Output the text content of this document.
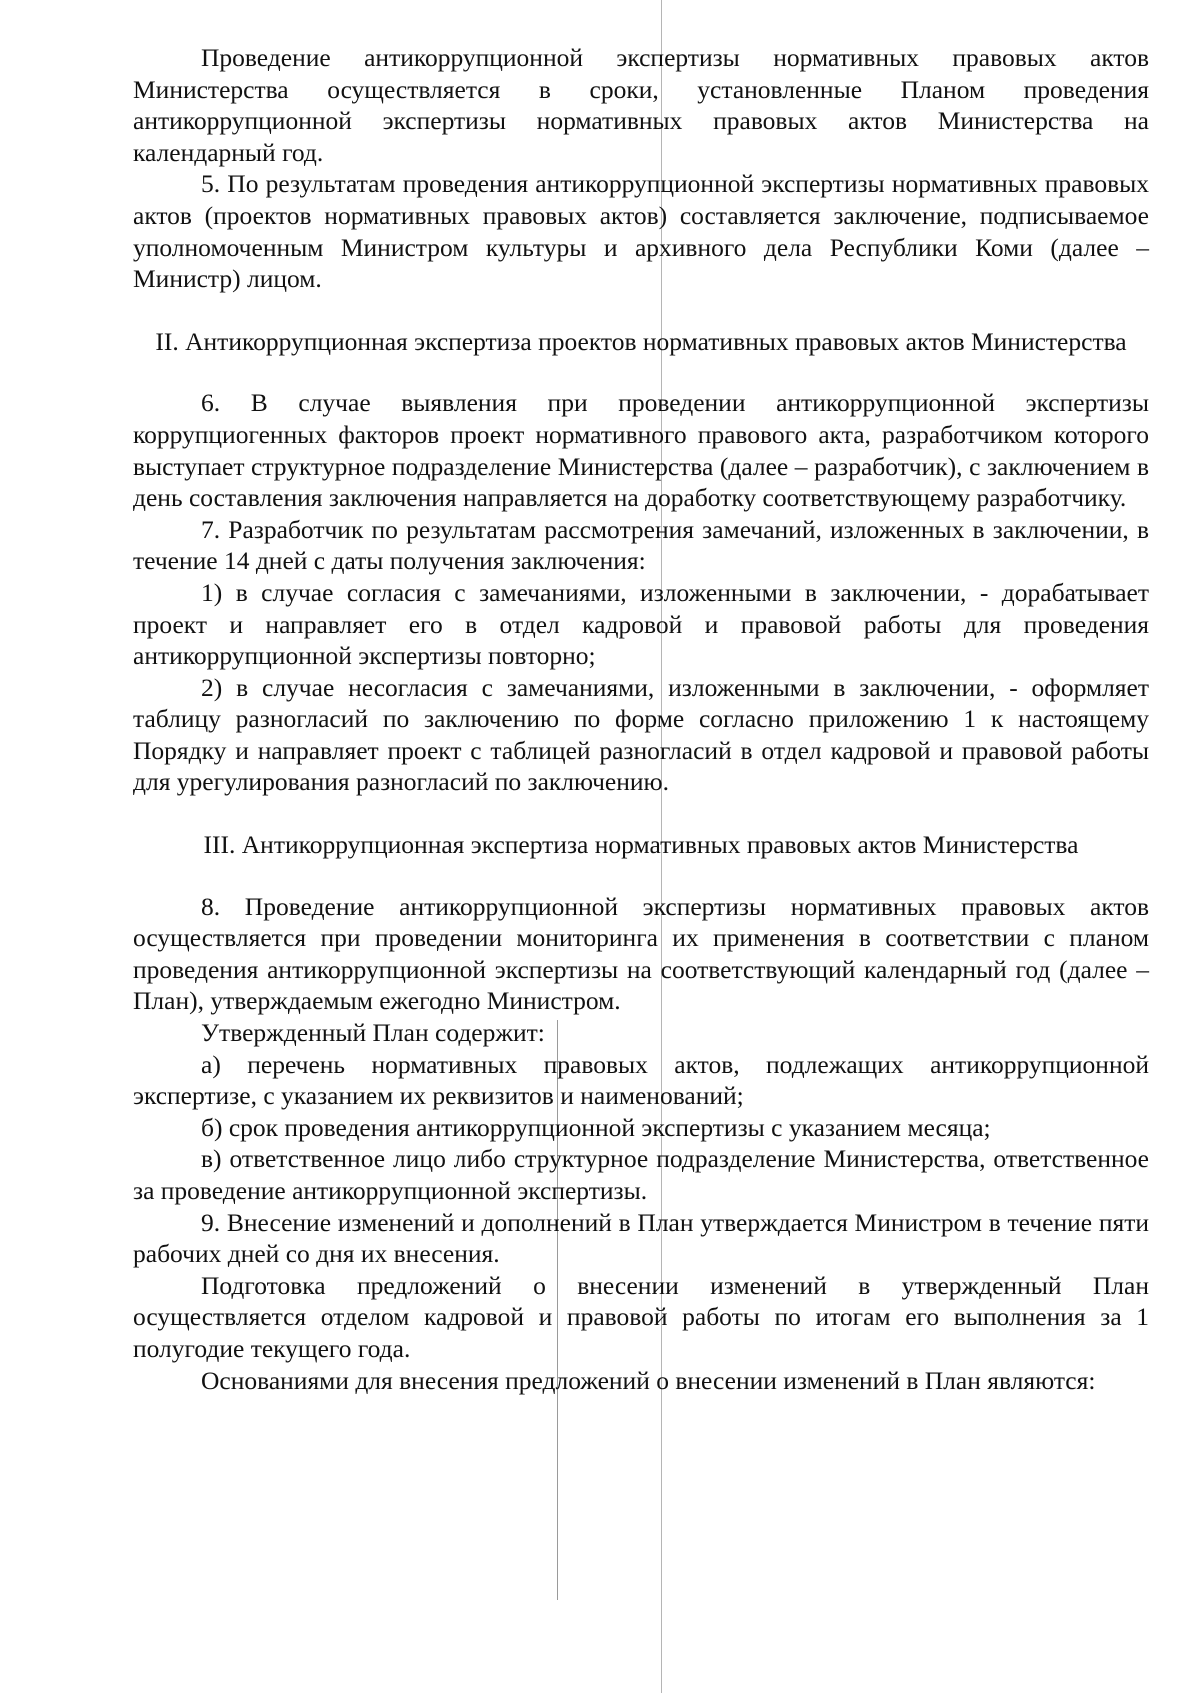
Проведение антикоррупционной экспертизы нормативных правовых актов Министерства осуществляется в сроки, установленные Планом проведения антикоррупционной экспертизы нормативных правовых актов Министерства на календарный год.

5. По результатам проведения антикоррупционной экспертизы нормативных правовых актов (проектов нормативных правовых актов) составляется заключение, подписываемое уполномоченным Министром культуры и архивного дела Республики Коми (далее – Министр) лицом.

II. Антикоррупционная экспертиза проектов нормативных правовых актов Министерства

6. В случае выявления при проведении антикоррупционной экспертизы коррупциогенных факторов проект нормативного правового акта, разработчиком которого выступает структурное подразделение Министерства (далее – разработчик), с заключением в день составления заключения направляется на доработку соответствующему разработчику.

7. Разработчик по результатам рассмотрения замечаний, изложенных в заключении, в течение 14 дней с даты получения заключения:

1) в случае согласия с замечаниями, изложенными в заключении, - дорабатывает проект и направляет его в отдел кадровой и правовой работы для проведения антикоррупционной экспертизы повторно;

2) в случае несогласия с замечаниями, изложенными в заключении, - оформляет таблицу разногласий по заключению по форме согласно приложению 1 к настоящему Порядку и направляет проект с таблицей разногласий в отдел кадровой и правовой работы для урегулирования разногласий по заключению.

III. Антикоррупционная экспертиза нормативных правовых актов Министерства

8. Проведение антикоррупционной экспертизы нормативных правовых актов осуществляется при проведении мониторинга их применения в соответствии с планом проведения антикоррупционной экспертизы на соответствующий календарный год (далее – План), утверждаемым ежегодно Министром.

Утвержденный План содержит:

а) перечень нормативных правовых актов, подлежащих антикоррупционной экспертизе, с указанием их реквизитов и наименований;

б) срок проведения антикоррупционной экспертизы с указанием месяца;

в) ответственное лицо либо структурное подразделение Министерства, ответственное за проведение антикоррупционной экспертизы.

9. Внесение изменений и дополнений в План утверждается Министром в течение пяти рабочих дней со дня их внесения.

Подготовка предложений о внесении изменений в утвержденный План осуществляется отделом кадровой и правовой работы по итогам его выполнения за 1 полугодие текущего года.

Основаниями для внесения предложений о внесении изменений в План являются:
